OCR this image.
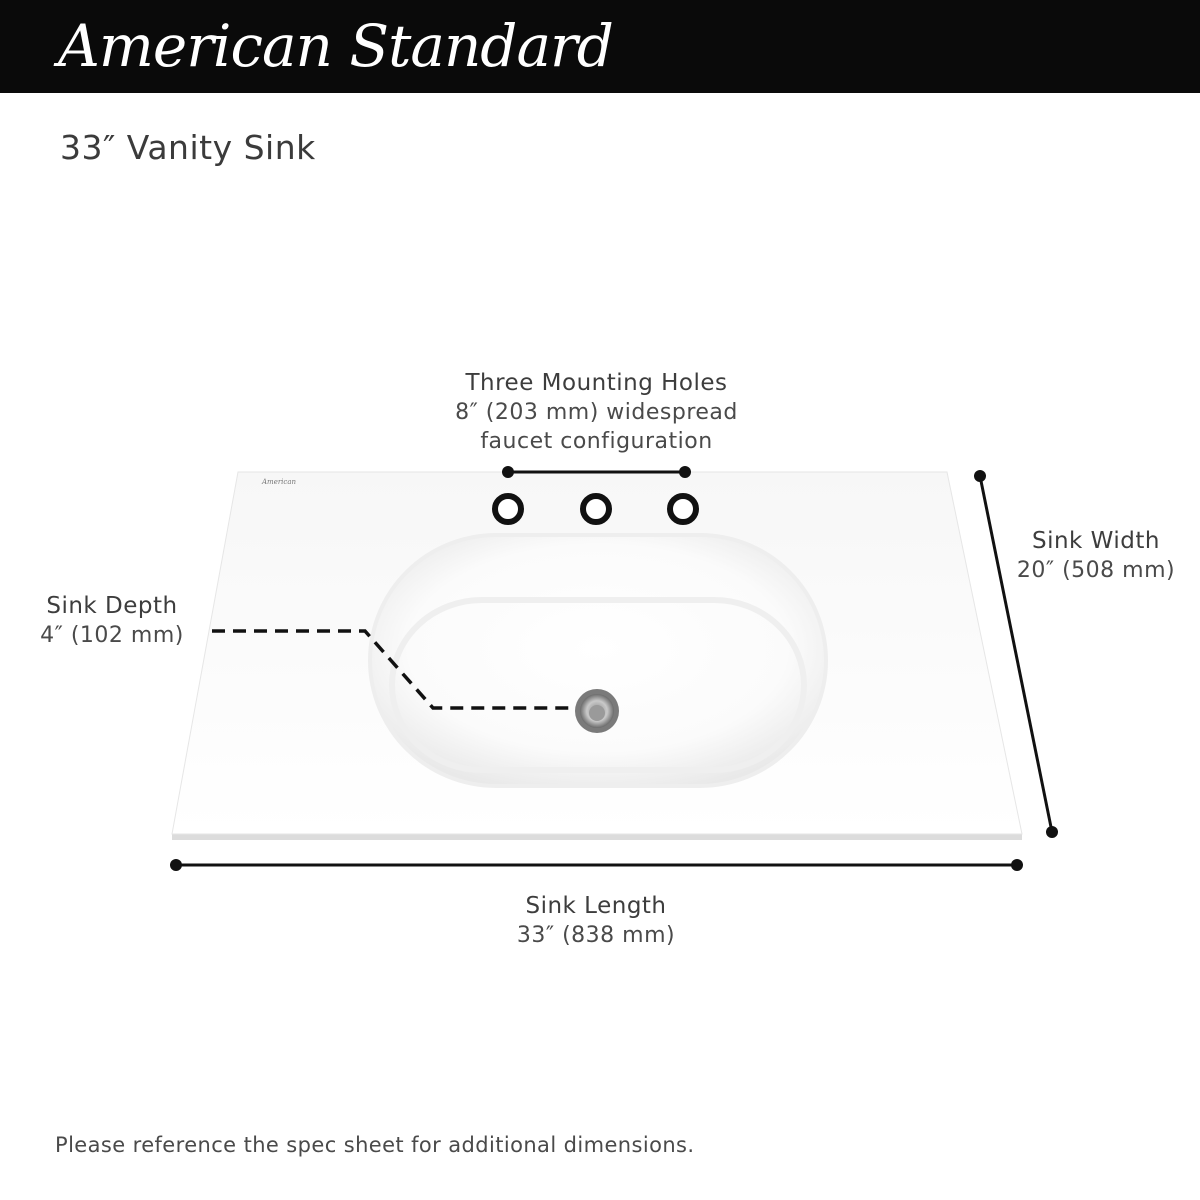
American Standard
33″ Vanity Sink
American
Three Mounting Holes
8″ (203 mm) widespread
faucet configuration
Sink Width
20″ (508 mm)
Sink Depth
4″ (102 mm)
Sink Length
33″ (838 mm)
Please reference the spec sheet for additional dimensions.
